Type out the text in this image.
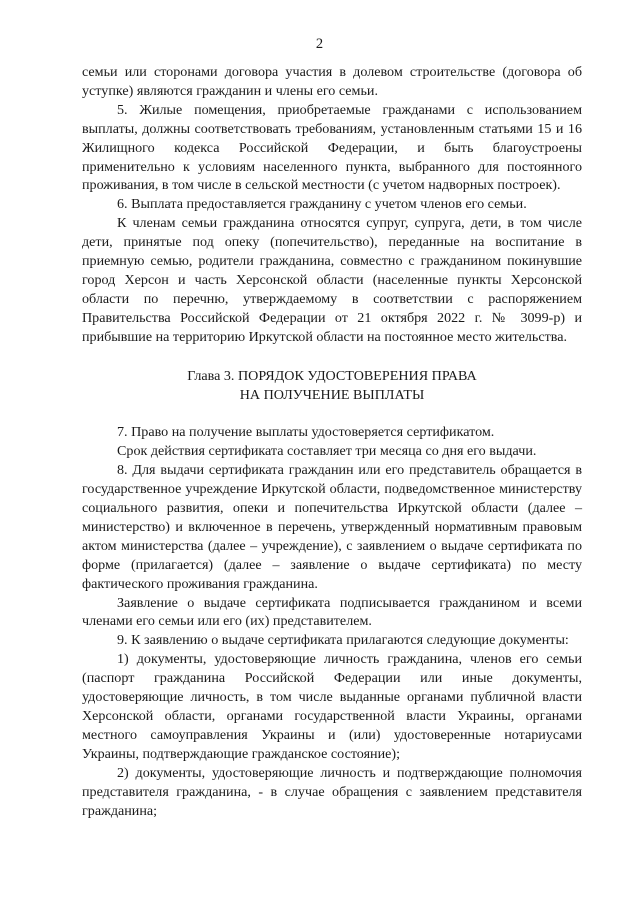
2

семьи или сторонами договора участия в долевом строительстве (договора об уступке) являются гражданин и члены его семьи.

5. Жилые помещения, приобретаемые гражданами с использованием выплаты, должны соответствовать требованиям, установленным статьями 15 и 16 Жилищного кодекса Российской Федерации, и быть благоустроены применительно к условиям населенного пункта, выбранного для постоянного проживания, в том числе в сельской местности (с учетом надворных построек).

6. Выплата предоставляется гражданину с учетом членов его семьи.

К членам семьи гражданина относятся супруг, супруга, дети, в том числе дети, принятые под опеку (попечительство), переданные на воспитание в приемную семью, родители гражданина, совместно с гражданином покинувшие город Херсон и часть Херсонской области (населенные пункты Херсонской области по перечню, утверждаемому в соответствии с распоряжением Правительства Российской Федерации от 21 октября 2022 г. № 3099-р) и прибывшие на территорию Иркутской области на постоянное место жительства.

Глава 3. ПОРЯДОК УДОСТОВЕРЕНИЯ ПРАВА
НА ПОЛУЧЕНИЕ ВЫПЛАТЫ

7. Право на получение выплаты удостоверяется сертификатом.

Срок действия сертификата составляет три месяца со дня его выдачи.

8. Для выдачи сертификата гражданин или его представитель обращается в государственное учреждение Иркутской области, подведомственное министерству социального развития, опеки и попечительства Иркутской области (далее – министерство) и включенное в перечень, утвержденный нормативным правовым актом министерства (далее – учреждение), с заявлением о выдаче сертификата по форме (прилагается) (далее – заявление о выдаче сертификата) по месту фактического проживания гражданина.

Заявление о выдаче сертификата подписывается гражданином и всеми членами его семьи или его (их) представителем.

9. К заявлению о выдаче сертификата прилагаются следующие документы:

1) документы, удостоверяющие личность гражданина, членов его семьи (паспорт гражданина Российской Федерации или иные документы, удостоверяющие личность, в том числе выданные органами публичной власти Херсонской области, органами государственной власти Украины, органами местного самоуправления Украины и (или) удостоверенные нотариусами Украины, подтверждающие гражданское состояние);

2) документы, удостоверяющие личность и подтверждающие полномочия представителя гражданина, - в случае обращения с заявлением представителя гражданина;
